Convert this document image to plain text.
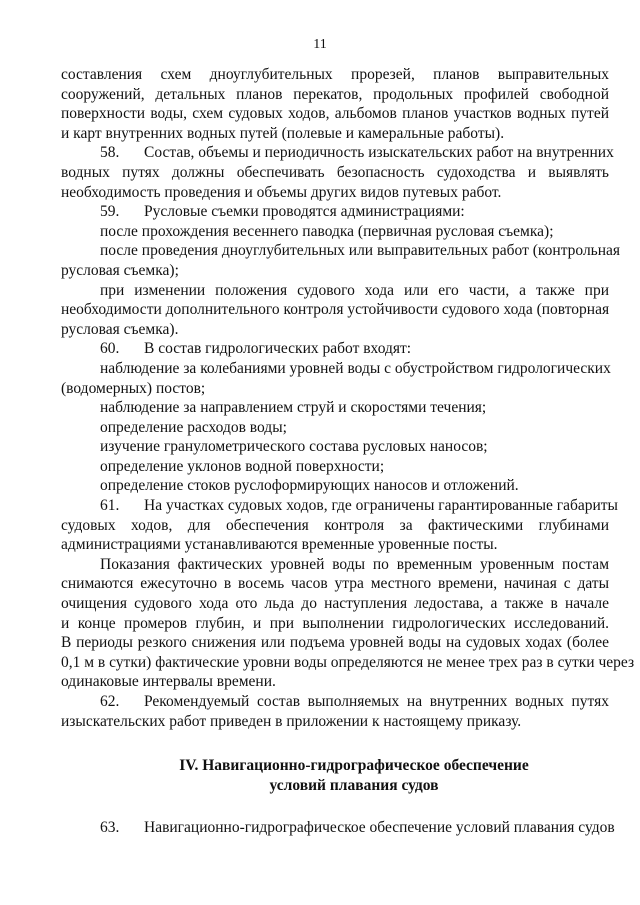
11
составления схем дноуглубительных прорезей, планов выправительных
сооружений, детальных планов перекатов, продольных профилей свободной
поверхности воды, схем судовых ходов, альбомов планов участков водных путей
и карт внутренних водных путей (полевые и камеральные работы).
58. Состав, объемы и периодичность изыскательских работ на внутренних
водных путях должны обеспечивать безопасность судоходства и выявлять
необходимость проведения и объемы других видов путевых работ.
59. Русловые съемки проводятся администрациями:
после прохождения весеннего паводка (первичная русловая съемка);
после проведения дноуглубительных или выправительных работ (контрольная
русловая съемка);
при изменении положения судового хода или его части, а также при
необходимости дополнительного контроля устойчивости судового хода (повторная
русловая съемка).
60. В состав гидрологических работ входят:
наблюдение за колебаниями уровней воды с обустройством гидрологических
(водомерных) постов;
наблюдение за направлением струй и скоростями течения;
определение расходов воды;
изучение гранулометрического состава русловых наносов;
определение уклонов водной поверхности;
определение стоков руслоформирующих наносов и отложений.
61. На участках судовых ходов, где ограничены гарантированные габариты
судовых ходов, для обеспечения контроля за фактическими глубинами
администрациями устанавливаются временные уровенные посты.
Показания фактических уровней воды по временным уровенным постам
снимаются ежесуточно в восемь часов утра местного времени, начиная с даты
очищения судового хода ото льда до наступления ледостава, а также в начале
и конце промеров глубин, и при выполнении гидрологических исследований.
В периоды резкого снижения или подъема уровней воды на судовых ходах (более
0,1 м в сутки) фактические уровни воды определяются не менее трех раз в сутки через
одинаковые интервалы времени.
62. Рекомендуемый состав выполняемых на внутренних водных путях
изыскательских работ приведен в приложении к настоящему приказу.
IV. Навигационно-гидрографическое обеспечение
условий плавания судов
63. Навигационно-гидрографическое обеспечение условий плавания судов
